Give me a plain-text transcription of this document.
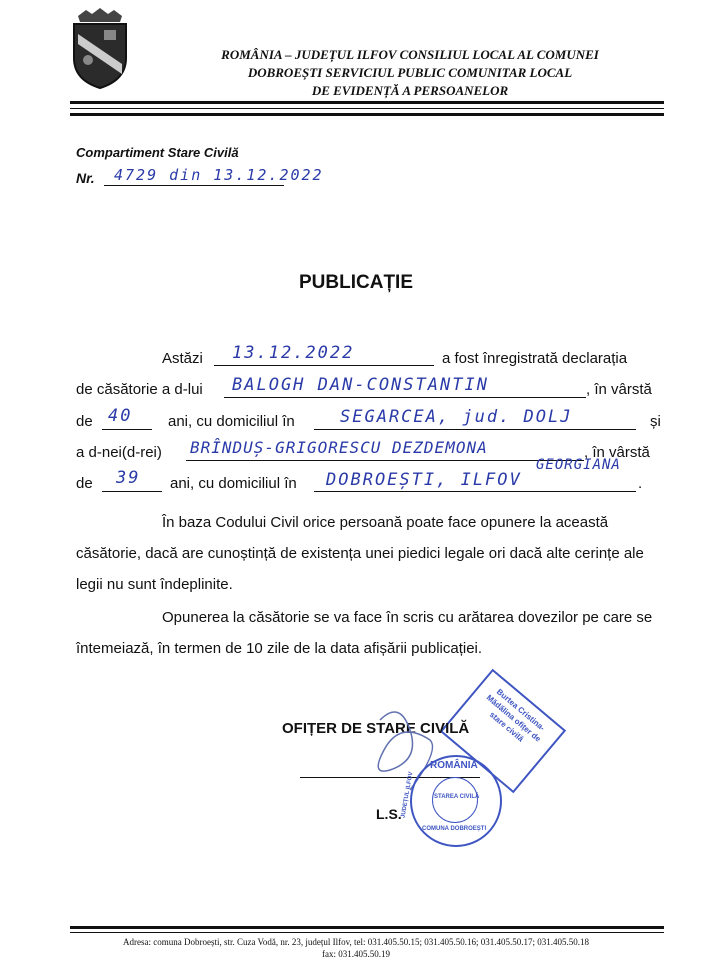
ROMÂNIA – JUDEȚUL ILFOV CONSILIUL LOCAL AL COMUNEI
DOBROEȘTI SERVICIUL PUBLIC COMUNITAR LOCAL
DE EVIDENȚĂ A PERSOANELOR
Compartiment Stare Civilă
Nr. 4729 din 13.12.2022
PUBLICAȚIE
Astăzi 13.12.2022	a fost înregistrată declarația
de căsătorie a d-lui BALOGH DAN-CONSTANTIN	, în vârstă
de 40 ani, cu domiciliul în	SEGARCEA, jud. DOLJ	și
a d-nei(d-rei) BRÎNDUȘ-GRIGORESCU DEZDEMONA	, în vârstă
de 39 ani, cu domiciliul în DOBROEȘTI, ILFOV
GEORGIANA
.
În baza Codului Civil orice persoană poate face opunere la această căsătorie, dacă are cunoștință de existența unei piedici legale ori dacă alte cerințe ale legii nu sunt îndeplinite.
Opunerea la căsătorie se va face în scris cu arătarea dovezilor pe care se întemeiază, în termen de 10 zile de la data afișării publicației.
Burtea Cristina-Mădălina ofițer de stare civilă
OFIȚER DE STARE CIVILĂ
L.S.
ROMÂNIA
STAREA CIVILĂ
COMUNA DOBROEȘTI
JUDEȚUL ILFOV
Adresa: comuna Dobroești, str. Cuza Vodă, nr. 23, județul Ilfov, tel: 031.405.50.15; 031.405.50.16; 031.405.50.17; 031.405.50.18
fax: 031.405.50.19
